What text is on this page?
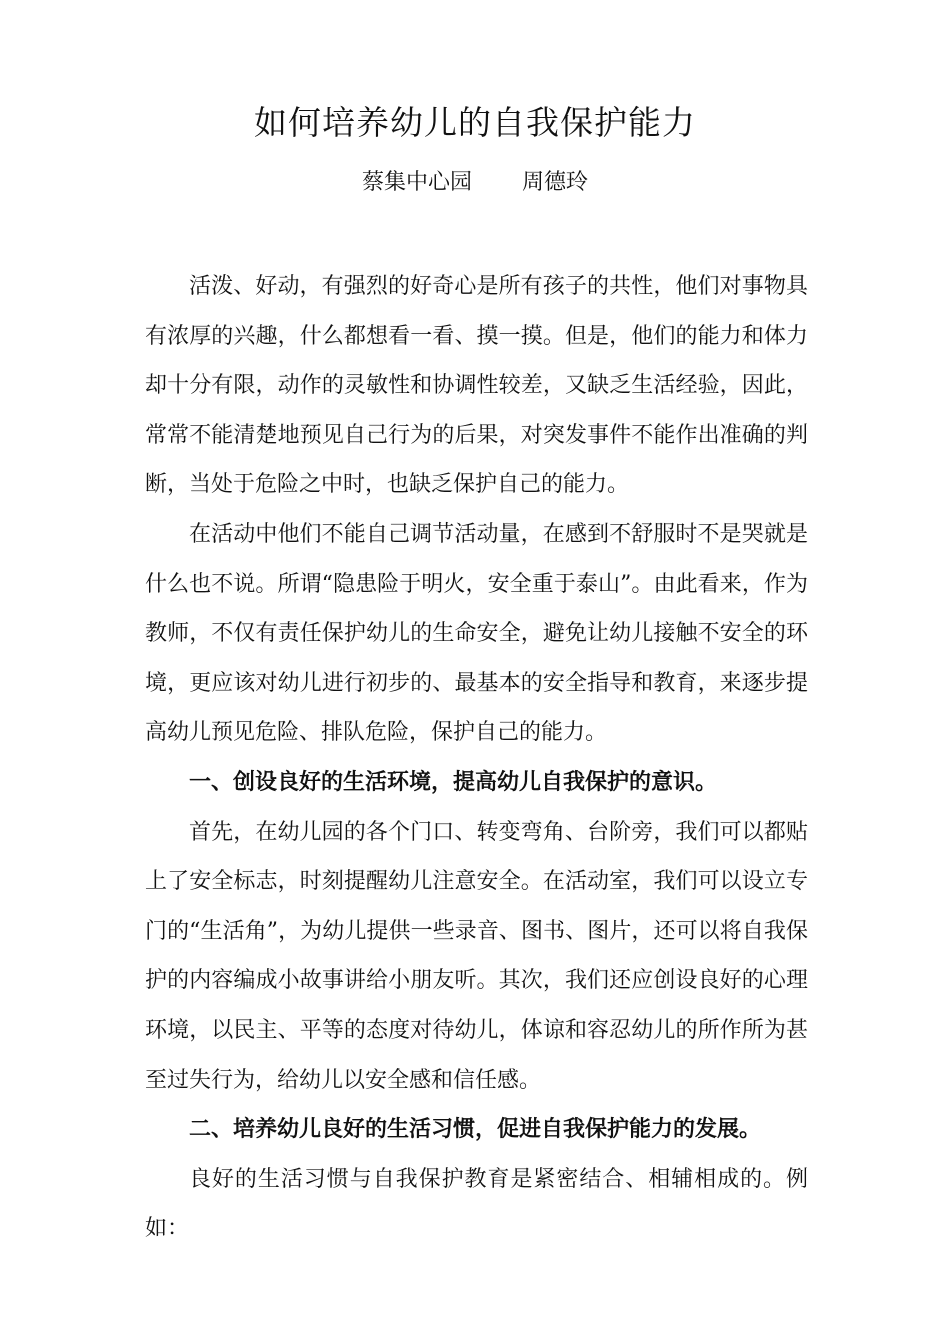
如何培养幼儿的自我保护能力
蔡集中心园 周德玲

活泼、好动，有强烈的好奇心是所有孩子的共性，他们对事物具有浓厚的兴趣，什么都想看一看、摸一摸。但是，他们的能力和体力却十分有限，动作的灵敏性和协调性较差，又缺乏生活经验，因此，常常不能清楚地预见自己行为的后果，对突发事件不能作出准确的判断，当处于危险之中时，也缺乏保护自己的能力。

在活动中他们不能自己调节活动量，在感到不舒服时不是哭就是什么也不说。所谓“隐患险于明火，安全重于泰山”。由此看来，作为教师，不仅有责任保护幼儿的生命安全，避免让幼儿接触不安全的环境，更应该对幼儿进行初步的、最基本的安全指导和教育，来逐步提高幼儿预见危险、排队危险，保护自己的能力。

一、创设良好的生活环境，提高幼儿自我保护的意识。

首先，在幼儿园的各个门口、转变弯角、台阶旁，我们可以都贴上了安全标志，时刻提醒幼儿注意安全。在活动室，我们可以设立专门的“生活角”，为幼儿提供一些录音、图书、图片，还可以将自我保护的内容编成小故事讲给小朋友听。其次，我们还应创设良好的心理环境，以民主、平等的态度对待幼儿，体谅和容忍幼儿的所作所为甚至过失行为，给幼儿以安全感和信任感。

二、培养幼儿良好的生活习惯，促进自我保护能力的发展。

良好的生活习惯与自我保护教育是紧密结合、相辅相成的。例如：
